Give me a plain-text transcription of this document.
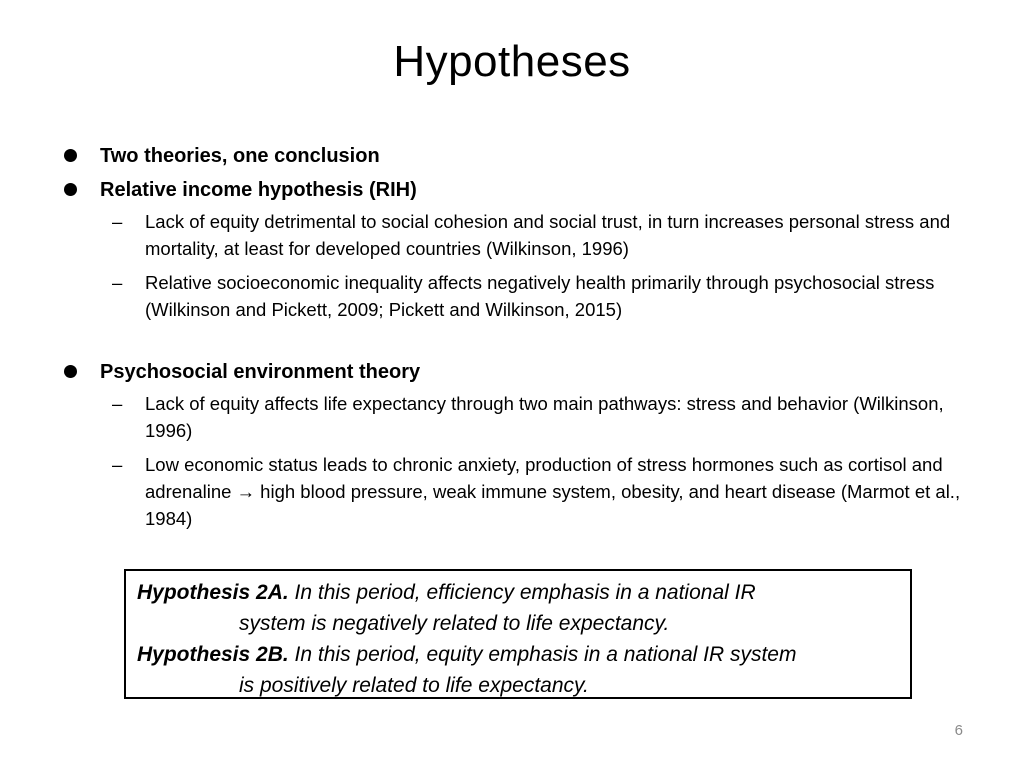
Hypotheses
Two theories, one conclusion
Relative income hypothesis (RIH)
– Lack of equity detrimental to social cohesion and social trust, in turn increases personal stress and mortality, at least for developed countries (Wilkinson, 1996)
– Relative socioeconomic inequality affects negatively health primarily through psychosocial stress (Wilkinson and Pickett, 2009; Pickett and Wilkinson, 2015)
Psychosocial environment theory
– Lack of equity affects life expectancy through two main pathways: stress and behavior (Wilkinson, 1996)
– Low economic status leads to chronic anxiety, production of stress hormones such as cortisol and adrenaline → high blood pressure, weak immune system, obesity, and heart disease (Marmot et al., 1984)
Hypothesis 2A. In this period, efficiency emphasis in a national IR
system is negatively related to life expectancy.
Hypothesis 2B. In this period, equity emphasis in a national IR system
is positively related to life expectancy.
6
